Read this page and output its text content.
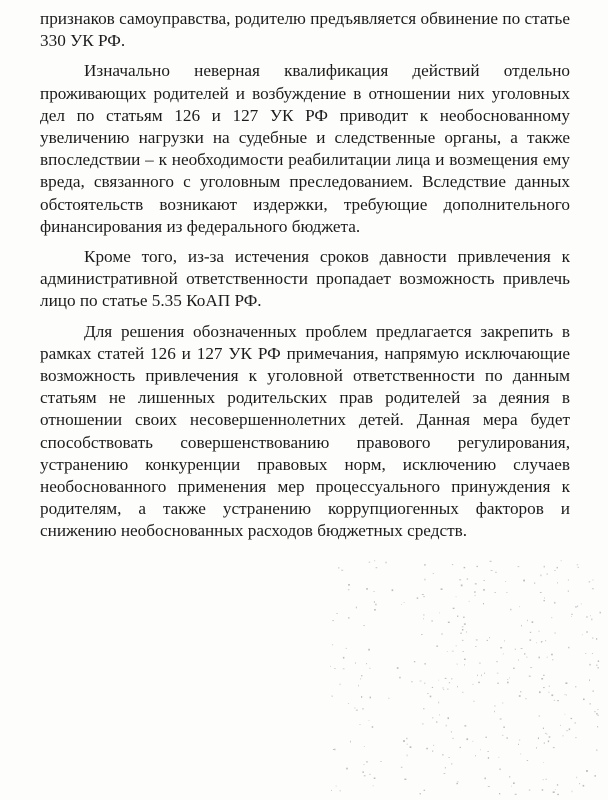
признаков самоуправства, родителю предъявляется обвинение по статье 330 УК РФ.

Изначально неверная квалификация действий отдельно проживающих родителей и возбуждение в отношении них уголовных дел по статьям 126 и 127 УК РФ приводит к необоснованному увеличению нагрузки на судебные и следственные органы, а также впоследствии – к необходимости реабилитации лица и возмещения ему вреда, связанного с уголовным преследованием. Вследствие данных обстоятельств возникают издержки, требующие дополнительного финансирования из федерального бюджета.

Кроме того, из-за истечения сроков давности привлечения к административной ответственности пропадает возможность привлечь лицо по статье 5.35 КоАП РФ.

Для решения обозначенных проблем предлагается закрепить в рамках статей 126 и 127 УК РФ примечания, напрямую исключающие возможность привлечения к уголовной ответственности по данным статьям не лишенных родительских прав родителей за деяния в отношении своих несовершеннолетних детей. Данная мера будет способствовать совершенствованию правового регулирования, устранению конкуренции правовых норм, исключению случаев необоснованного применения мер процессуального принуждения к родителям, а также устранению коррупциогенных факторов и снижению необоснованных расходов бюджетных средств.
